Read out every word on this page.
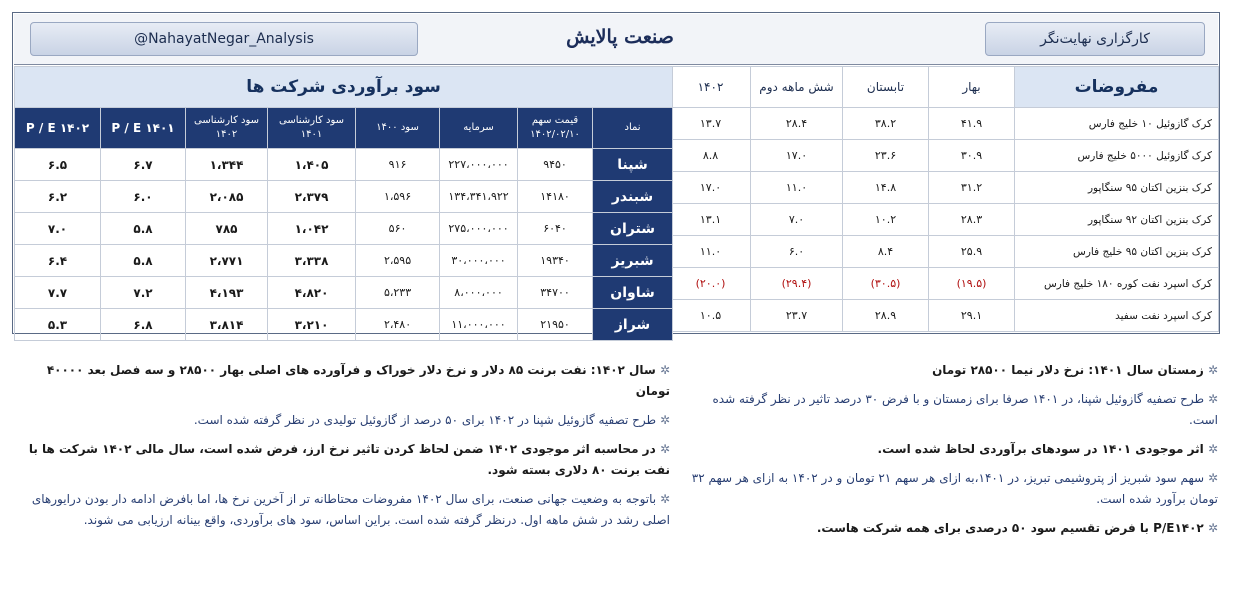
@NahayatNegar_Analysis	صنعت پالایش	کارگزاری نهایت‌نگر
مفروضات	بهار	تابستان	شش ماهه دوم	۱۴۰۲
کرک گازوئیل ۱۰ خلیج فارس	۴۱.۹	۳۸.۲	۲۸.۴	۱۳.۷
کرک گازوئیل ۵۰۰۰ خلیج فارس	۳۰.۹	۲۳.۶	۱۷.۰	۸.۸
کرک بنزین اکتان ۹۵ سنگاپور	۳۱.۲	۱۴.۸	۱۱.۰	۱۷.۰
کرک بنزین اکتان ۹۲ سنگاپور	۲۸.۳	۱۰.۲	۷.۰	۱۳.۱
کرک بنزین اکتان ۹۵ خلیج فارس	۲۵.۹	۸.۴	۶.۰	۱۱.۰
کرک اسپرد نفت کوره ۱۸۰ خلیج فارس	(۱۹.۵)	(۳۰.۵)	(۲۹.۴)	(۲۰.۰)
کرک اسپرد نفت سفید	۲۹.۱	۲۸.۹	۲۳.۷	۱۰.۵
سود برآوردی شرکت ها							
نماد	قیمت سهم ۱۴۰۲/۰۲/۱۰	سرمایه	سود ۱۴۰۰	سود کارشناسی ۱۴۰۱	سود کارشناسی ۱۴۰۲	P / E ۱۴۰۱	P / E ۱۴۰۲
شپنا	۹۴۵۰	۲۲۷،۰۰۰،۰۰۰	۹۱۶	۱،۴۰۵	۱،۳۴۴	۶.۷	۶.۵
شبندر	۱۴۱۸۰	۱۳۴،۳۴۱،۹۲۲	۱،۵۹۶	۲،۳۷۹	۲،۰۸۵	۶.۰	۶.۲
شتران	۶۰۴۰	۲۷۵،۰۰۰،۰۰۰	۵۶۰	۱،۰۴۲	۷۸۵	۵.۸	۷.۰
شبریز	۱۹۳۴۰	۳۰،۰۰۰،۰۰۰	۲،۵۹۵	۳،۳۳۸	۲،۷۷۱	۵.۸	۶.۴
شاوان	۳۴۷۰۰	۸،۰۰۰،۰۰۰	۵،۲۳۳	۴،۸۲۰	۴،۱۹۳	۷.۲	۷.۷
شراز	۲۱۹۵۰	۱۱،۰۰۰،۰۰۰	۲،۴۸۰	۳،۲۱۰	۳،۸۱۴	۶.۸	۵.۳
✲ زمستان سال ۱۴۰۱: نرخ دلار نیما ۲۸۵۰۰ تومان
✲ طرح تصفیه گازوئیل شپنا، در ۱۴۰۱ صرفا برای زمستان و با فرض ۳۰ درصد تاثیر در نظر گرفته شده است.
✲ اثر موجودی ۱۴۰۱ در سودهای برآوردی لحاظ شده است.
✲ سهم سود شبریز از پتروشیمی تبریز، در ۱۴۰۱،به ازای هر سهم ۲۱ تومان و در ۱۴۰۲ به ازای هر سهم ۳۲ تومان برآورد شده است.
✲ P/E۱۴۰۲ با فرض تقسیم سود ۵۰ درصدی برای همه شرکت هاست.
✲ سال ۱۴۰۲: نفت برنت ۸۵ دلار و نرخ دلار خوراک و فرآورده های اصلی بهار ۲۸۵۰۰ و سه فصل بعد ۴۰۰۰۰ تومان
✲ طرح تصفیه گازوئیل شپنا در ۱۴۰۲ برای ۵۰ درصد از گازوئیل تولیدی در نظر گرفته شده است.
✲ در محاسبه اثر موجودی ۱۴۰۲ ضمن لحاظ کردن تاثیر نرخ ارز، فرض شده است، سال مالی ۱۴۰۲ شرکت ها با نفت برنت ۸۰ دلاری بسته شود.
✲ باتوجه به وضعیت جهانی صنعت، برای سال ۱۴۰۲ مفروضات محتاطانه تر از آخرین نرخ ها، اما بافرض ادامه دار بودن درایورهای اصلی رشد در شش ماهه اول. درنظر گرفته شده است. براین اساس، سود های برآوردی، واقع بینانه ارزیابی می شوند.
